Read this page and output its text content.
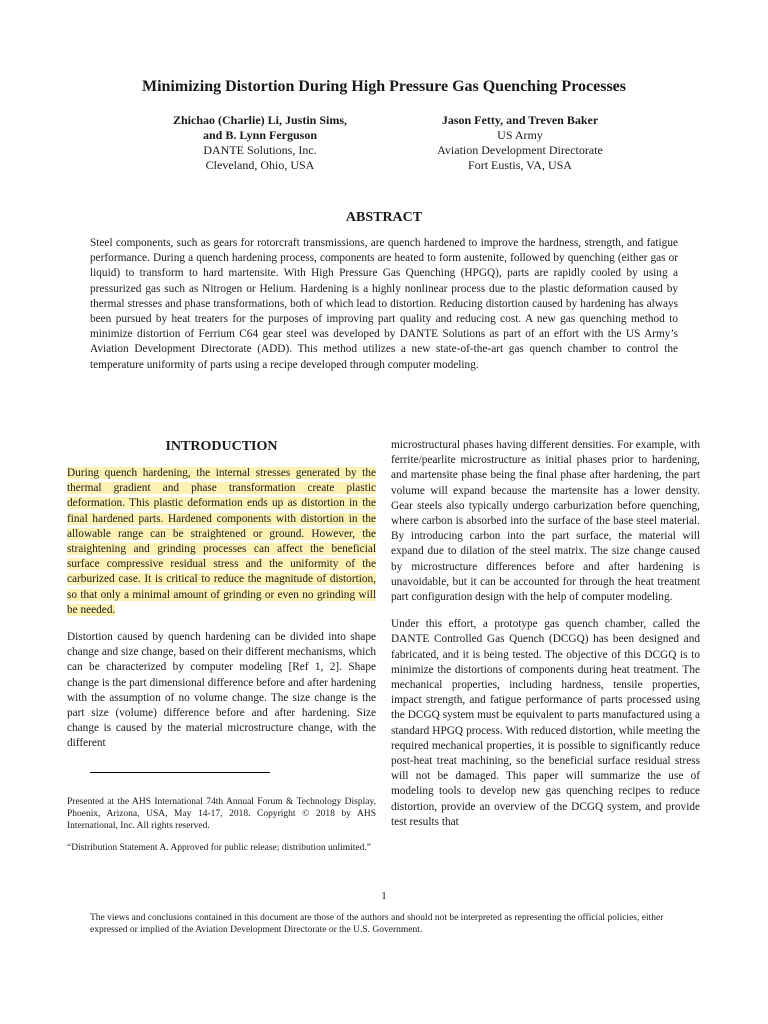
Minimizing Distortion During High Pressure Gas Quenching Processes
Zhichao (Charlie) Li, Justin Sims,
and B. Lynn Ferguson
DANTE Solutions, Inc.
Cleveland, Ohio, USA
Jason Fetty, and Treven Baker
US Army
Aviation Development Directorate
Fort Eustis, VA, USA
ABSTRACT
Steel components, such as gears for rotorcraft transmissions, are quench hardened to improve the hardness, strength, and fatigue performance. During a quench hardening process, components are heated to form austenite, followed by quenching (either gas or liquid) to transform to hard martensite. With High Pressure Gas Quenching (HPGQ), parts are rapidly cooled by using a pressurized gas such as Nitrogen or Helium. Hardening is a highly nonlinear process due to the plastic deformation caused by thermal stresses and phase transformations, both of which lead to distortion. Reducing distortion caused by hardening has always been pursued by heat treaters for the purposes of improving part quality and reducing cost. A new gas quenching method to minimize distortion of Ferrium C64 gear steel was developed by DANTE Solutions as part of an effort with the US Army’s Aviation Development Directorate (ADD). This method utilizes a new state-of-the-art gas quench chamber to control the temperature uniformity of parts using a recipe developed through computer modeling.
INTRODUCTION

During quench hardening, the internal stresses generated by the thermal gradient and phase transformation create plastic deformation. This plastic deformation ends up as distortion in the final hardened parts. Hardened components with distortion in the allowable range can be straightened or ground. However, the straightening and grinding processes can affect the beneficial surface compressive residual stress and the uniformity of the carburized case. It is critical to reduce the magnitude of distortion, so that only a minimal amount of grinding or even no grinding will be needed.

Distortion caused by quench hardening can be divided into shape change and size change, based on their different mechanisms, which can be characterized by computer modeling [Ref 1, 2]. Shape change is the part dimensional difference before and after hardening with the assumption of no volume change. The size change is the part size (volume) difference before and after hardening. Size change is caused by the material microstructure change, with the different

microstructural phases having different densities. For example, with ferrite/pearlite microstructure as initial phases prior to hardening, and martensite phase being the final phase after hardening, the part volume will expand because the martensite has a lower density. Gear steels also typically undergo carburization before quenching, where carbon is absorbed into the surface of the base steel material. By introducing carbon into the part surface, the material will expand due to dilation of the steel matrix. The size change caused by microstructure differences before and after hardening is unavoidable, but it can be accounted for through the heat treatment part configuration design with the help of computer modeling.

Under this effort, a prototype gas quench chamber, called the DANTE Controlled Gas Quench (DCGQ) has been designed and fabricated, and it is being tested. The objective of this DCGQ is to minimize the distortions of components during heat treatment. The mechanical properties, including hardness, tensile properties, impact strength, and fatigue performance of parts processed using the DCGQ system must be equivalent to parts manufactured using a standard HPGQ process. With reduced distortion, while meeting the required mechanical properties, it is possible to significantly reduce post-heat treat machining, so the beneficial surface residual stress will not be damaged. This paper will summarize the use of modeling tools to develop new gas quenching recipes to reduce distortion, provide an overview of the DCGQ system, and provide test results that

Presented at the AHS International 74th Annual Forum & Technology Display, Phoenix, Arizona, USA, May 14-17, 2018. Copyright © 2018 by AHS International, Inc. All rights reserved.
“Distribution Statement A. Approved for public release; distribution unlimited.”
1
The views and conclusions contained in this document are those of the authors and should not be interpreted as representing the official policies, either expressed or implied of the Aviation Development Directorate or the U.S. Government.
